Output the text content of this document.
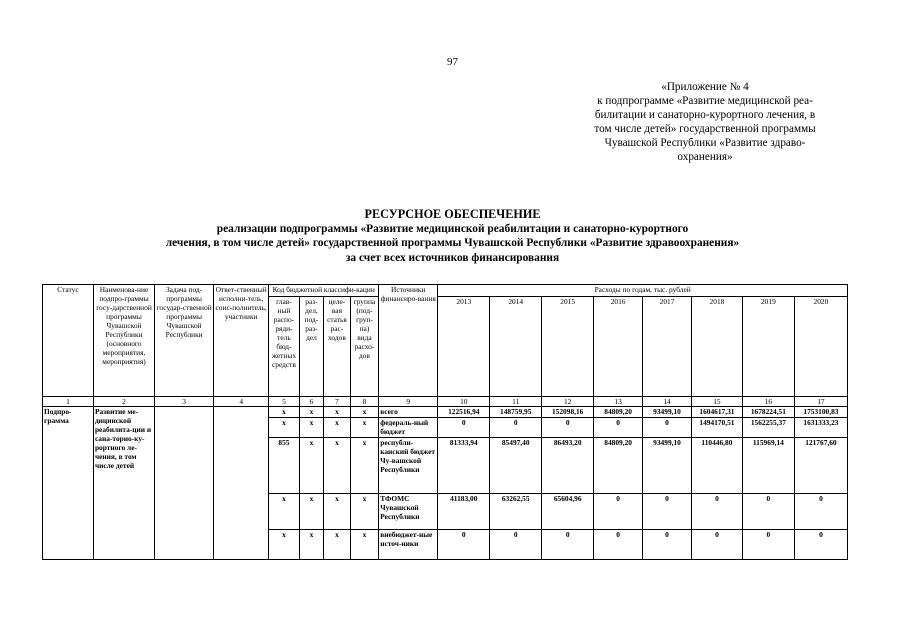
97
«Приложение № 4
к подпрограмме «Развитие медицинской реа-
билитации и санаторно-курортного лечения, в
том числе детей» государственной программы
Чувашской Республики «Развитие здраво-
охранения»
РЕСУРСНОЕ ОБЕСПЕЧЕНИЕ
реализации подпрограммы «Развитие медицинской реабилитации и санаторно-курортного
лечения, в том числе детей» государственной программы Чувашской Республики «Развитие здравоохранения»
за счет всех источников финансирования
Статус	Наименова-ние подпро-граммы госу-дарственной программы Чувашской Республики (основного мероприятия, мероприятия)	Задача под-программы государ-ственной программы Чувашской Республики	Ответ-ственный исполни-тель, соис-полнитель, участники	Код бюджетной классифи-кации				Источники финансиро-вания	Расходы по годам, тыс. рублей							
				глав-ный распо-ряди-тель бюд-жетных средств	раз-дел, под-раз-дел	целе-вая статья рас-ходов	группа (под-груп-па) вида расхо-дов		2013	2014	2015	2016	2017	2018	2019	2020
1	2	3	4	5	6	7	8	9	10	11	12	13	14	15	16	17
Подпро-грамма	Развитие ме-дицинской реабилита-ции и сана-торно-ку-рортного ле-чения, в том числе детей			x	x	x	x	всего	122516,94	148759,95	152098,16	84809,20	93499,10	1604617,31	1678224,51	1753100,83
				x	x	x	x	федераль-ный бюджет	0	0	0	0	0	1494170,51	1562255,37	1631333,23
				855	x	x	x	республи-канский бюджет Чу-вашской Республики	81333,94	85497,40	86493,20	84809,20	93499,10	110446,80	115969,14	121767,60
				x	x	x	x	ТФОМС Чувашской Республики	41183,00	63262,55	65604,96	0	0	0	0	0
				x	x	x	x	внебюджет-ные источ-ники	0	0	0	0	0	0	0	0
